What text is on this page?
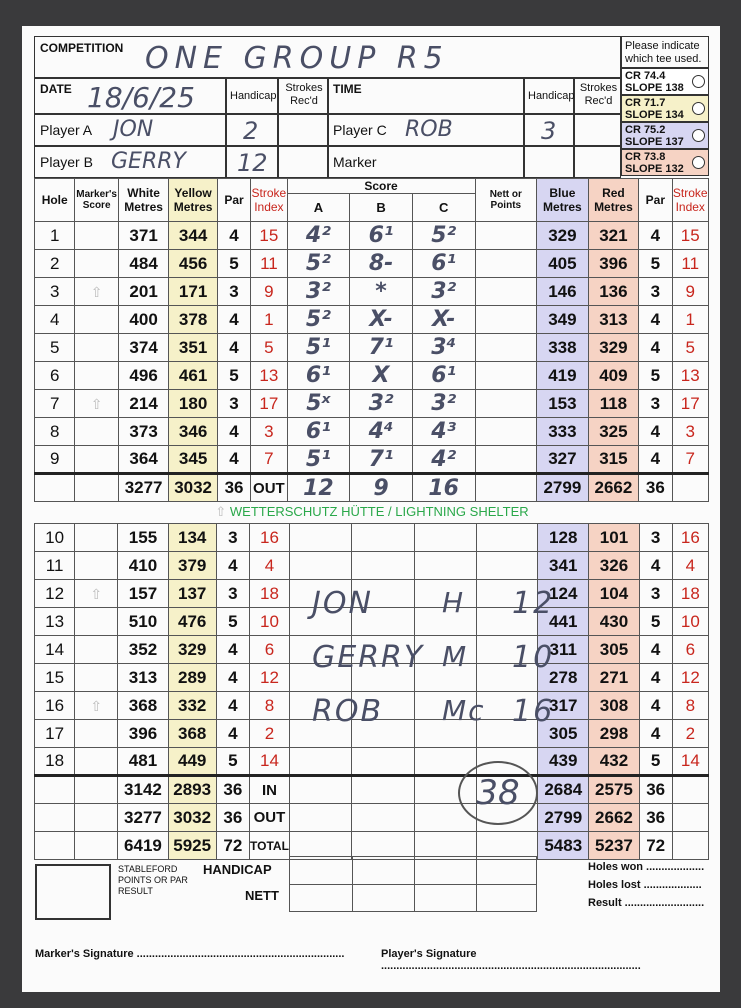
COMPETITION ONE GROUP R5	Please indicate which tee used.
DATE 18/6/25	Handicap
Strokes Rec'd
TIME	Handicap
Strokes Rec'd
Player A JON	2	Player C ROB	3
Player B GERRY 12	Marker
CR 74.4
SLOPE 138
CR 71.7
SLOPE 134
CR 75.2
SLOPE 137
CR 73.8
SLOPE 132
Hole	Marker's Score	White Metres	Yellow Metres	Par	Stroke Index	Score			Nett or Points	Blue Metres	Red Metres	Par	Stroke Index
						A	B	C					
1		371	344	4	15	4²	6¹	5²		329	321	4	15
2		484	456	5	11	5²	8-	6¹		405	396	5	11
3	⇧	201	171	3	9	3²	*	3²		146	136	3	9
4		400	378	4	1	5²	X-	X-		349	313	4	1
5		374	351	4	5	5¹	7¹	3⁴		338	329	4	5
6		496	461	5	13	6¹	X	6¹		419	409	5	13
7	⇧	214	180	3	17	5ˣ	3²	3²		153	118	3	17
8		373	346	4	3	6¹	4⁴	4³		333	325	4	3
9		364	345	4	7	5¹	7¹	4²		327	315	4	7
		3277	3032	36	OUT	12	9	16		2799	2662	36	
⇧ WETTERSCHUTZ HÜTTE / LIGHTNING SHELTER
10		155	134	3	16					128	101	3	16
11		410	379	4	4					341	326	4	4
12	⇧	157	137	3	18					124	104	3	18
13		510	476	5	10					441	430	5	10
14		352	329	4	6					311	305	4	6
15		313	289	4	12					278	271	4	12
16	⇧	368	332	4	8					317	308	4	8
17		396	368	4	2					305	298	4	2
18		481	449	5	14					439	432	5	14
		3142	2893	36	IN					2684	2575	36	
		3277	3032	36	OUT					2799	2662	36	
		6419	5925	72	TOTAL					5483	5237	72	
JON H 12
GERRY M 10
ROB Mc 16
38
STABLEFORD POINTS OR PAR RESULT
HANDICAP
NETT
Holes won ...................
Holes lost ...................
Result ..........................
Marker's Signature ....................................................................	Player's Signature .....................................................................................
